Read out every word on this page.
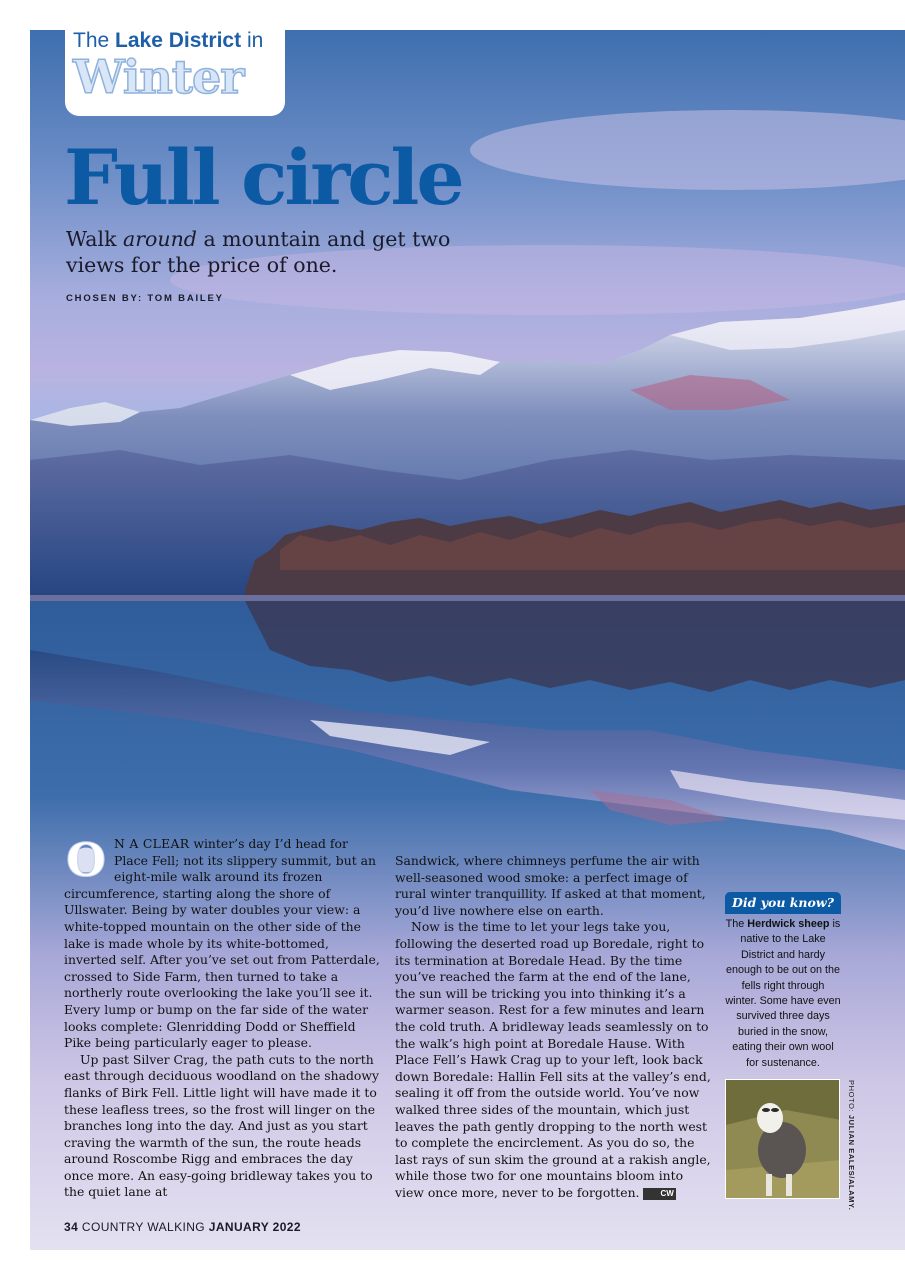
The Lake District in
Winter
Full circle
Walk around a mountain and get two views for the price of one.
CHOSEN BY: TOM BAILEY

O N A CLEAR winter’s day I’d head for Place Fell; not its slippery summit, but an eight-mile walk around its frozen circumference, starting along the shore of Ullswater. Being by water doubles your view: a white-topped mountain on the other side of the lake is made whole by its white-bottomed, inverted self. After you’ve set out from Patterdale, crossed to Side Farm, then turned to take a northerly route overlooking the lake you’ll see it. Every lump or bump on the far side of the water looks complete: Glenridding Dodd or Sheffield Pike being particularly eager to please.

Up past Silver Crag, the path cuts to the north east through deciduous woodland on the shadowy flanks of Birk Fell. Little light will have made it to these leafless trees, so the frost will linger on the branches long into the day. And just as you start craving the warmth of the sun, the route heads around Roscombe Rigg and embraces the day once more. An easy-going bridleway takes you to the quiet lane at

Sandwick, where chimneys perfume the air with well-seasoned wood smoke: a perfect image of rural winter tranquillity. If asked at that moment, you’d live nowhere else on earth.

Now is the time to let your legs take you, following the deserted road up Boredale, right to its termination at Boredale Head. By the time you’ve reached the farm at the end of the lane, the sun will be tricking you into thinking it’s a warmer season. Rest for a few minutes and learn the cold truth. A bridleway leads seamlessly on to the walk’s high point at Boredale Hause. With Place Fell’s Hawk Crag up to your left, look back down Boredale: Hallin Fell sits at the valley’s end, sealing it off from the outside world. You’ve now walked three sides of the mountain, which just leaves the path gently dropping to the north west to complete the encirclement. As you do so, the last rays of sun skim the ground at a rakish angle, while those two for one mountains bloom into view once more, never to be forgotten.	CW

Did you know?
The Herdwick sheep is native to the Lake District and hardy enough to be out on the fells right through winter. Some have even survived three days buried in the snow, eating their own wool for sustenance.
PHOTO: JULIAN EALES/ALAMY.
34 COUNTRY WALKING JANUARY 2022
